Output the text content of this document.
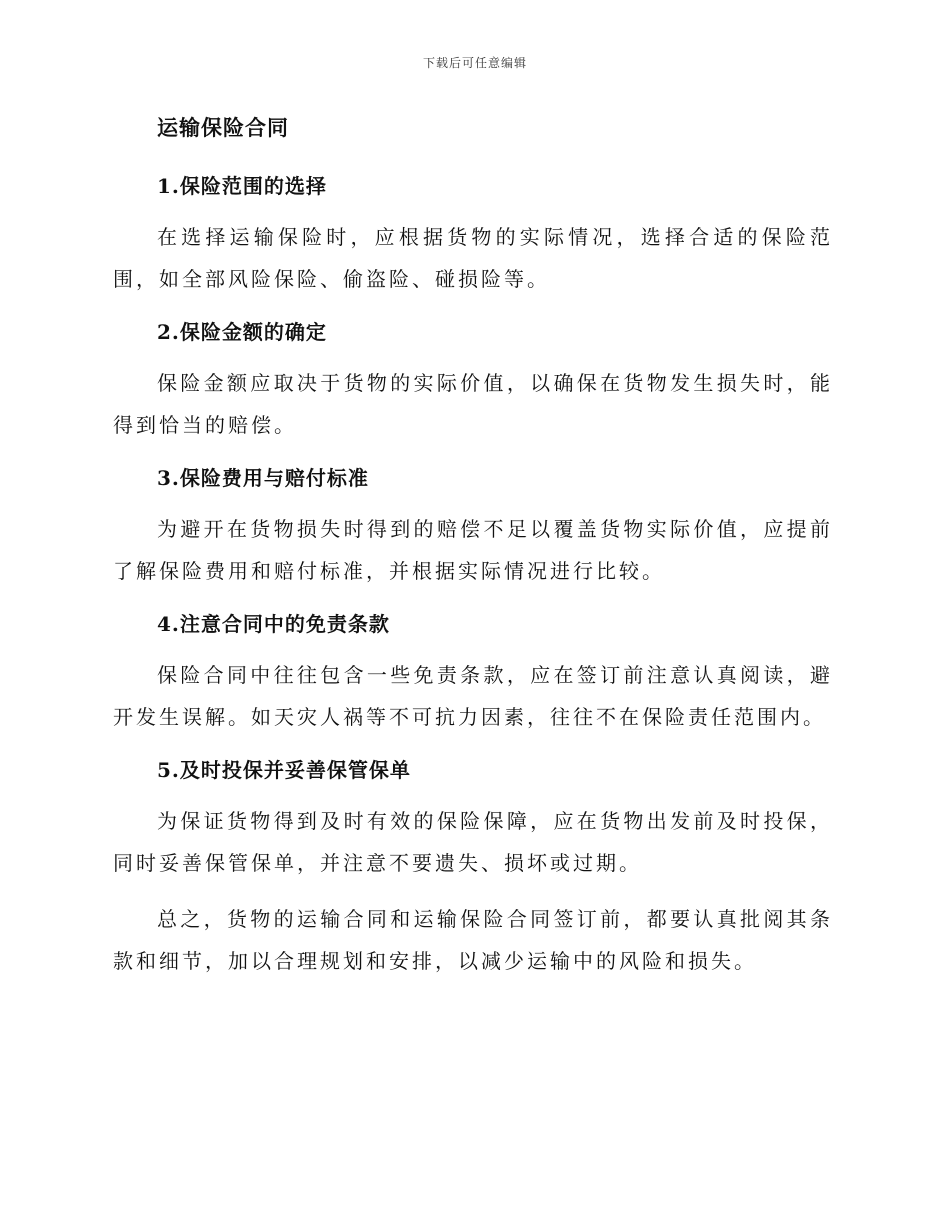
下载后可任意编辑
运输保险合同
1.保险范围的选择

在选择运输保险时，应根据货物的实际情况，选择合适的保险范围，如全部风险保险、偷盗险、碰损险等。

2.保险金额的确定

保险金额应取决于货物的实际价值，以确保在货物发生损失时，能得到恰当的赔偿。

3.保险费用与赔付标准

为避开在货物损失时得到的赔偿不足以覆盖货物实际价值，应提前了解保险费用和赔付标准，并根据实际情况进行比较。

4.注意合同中的免责条款

保险合同中往往包含一些免责条款，应在签订前注意认真阅读，避开发生误解。如天灾人祸等不可抗力因素，往往不在保险责任范围内。

5.及时投保并妥善保管保单

为保证货物得到及时有效的保险保障，应在货物出发前及时投保，同时妥善保管保单，并注意不要遗失、损坏或过期。

总之，货物的运输合同和运输保险合同签订前，都要认真批阅其条款和细节，加以合理规划和安排，以减少运输中的风险和损失。
